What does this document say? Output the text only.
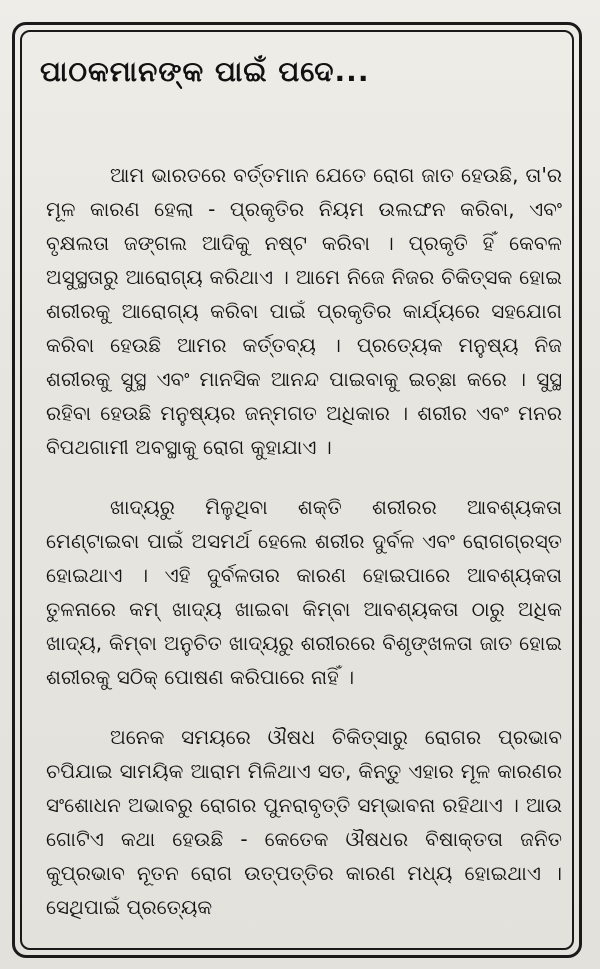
ପାଠକମାନଙ୍କ ପାଇଁ ପଦେ...

ଆମ ଭାରତରେ ବର୍ତ୍ତମାନ ଯେତେ ରୋଗ ଜାତ ହେଉଛି, ତା'ର ମୂଳ କାରଣ ହେଲା - ପ୍ରକୃତିର ନିୟମ ଉଲଙ୍ଘନ କରିବା, ଏବଂ ବୃକ୍ଷଲତା ଜଙ୍ଗଲ ଆଦିକୁ ନଷ୍ଟ କରିବା । ପ୍ରକୃତି ହିଁ କେବଳ ଅସୁସ୍ଥତାରୁ ଆରୋଗ୍ୟ କରିଥାଏ । ଆମେ ନିଜେ ନିଜର ଚିକିତ୍ସକ ହୋଇ ଶରୀରକୁ ଆରୋଗ୍ୟ କରିବା ପାଇଁ ପ୍ରକୃତିର କାର୍ଯ୍ୟରେ ସହଯୋଗ କରିବା ହେଉଛି ଆମର କର୍ତ୍ତବ୍ୟ । ପ୍ରତ୍ୟେକ ମନୁଷ୍ୟ ନିଜ ଶରୀରକୁ ସୁସ୍ଥ ଏବଂ ମାନସିକ ଆନନ୍ଦ ପାଇବାକୁ ଇଚ୍ଛା କରେ । ସୁସ୍ଥ ରହିବା ହେଉଛି ମନୁଷ୍ୟର ଜନ୍ମଗତ ଅଧିକାର । ଶରୀର ଏବଂ ମନର ବିପଥଗାମୀ ଅବସ୍ଥାକୁ ରୋଗ କୁହାଯାଏ ।

ଖାଦ୍ୟରୁ ମିଳୁଥିବା ଶକ୍ତି ଶରୀରର ଆବଶ୍ୟକତା ମେଣ୍ଟାଇବା ପାଇଁ ଅସମର୍ଥ ହେଲେ ଶରୀର ଦୁର୍ବଳ ଏବଂ ରୋଗଗ୍ରସ୍ତ ହୋଇଥାଏ । ଏହି ଦୁର୍ବଳତାର କାରଣ ହୋଇପାରେ ଆବଶ୍ୟକତା ତୁଳନାରେ କମ୍ ଖାଦ୍ୟ ଖାଇବା କିମ୍ବା ଆବଶ୍ୟକତା ଠାରୁ ଅଧିକ ଖାଦ୍ୟ, କିମ୍ବା ଅନୁଚିତ ଖାଦ୍ୟରୁ ଶରୀରରେ ବିଶୃଙ୍ଖଳତା ଜାତ ହୋଇ ଶରୀରକୁ ସଠିକ୍ ପୋଷଣ କରିପାରେ ନାହିଁ ।

ଅନେକ ସମୟରେ ଔଷଧ ଚିକିତ୍ସାରୁ ରୋଗର ପ୍ରଭାବ ଚପିଯାଇ ସାମୟିକ ଆରାମ ମିଳିଥାଏ ସତ, କିନ୍ତୁ ଏହାର ମୂଳ କାରଣର ସଂଶୋଧନ ଅଭାବରୁ ରୋଗର ପୁନରାବୃତ୍ତି ସମ୍ଭାବନା ରହିଥାଏ । ଆଉ ଗୋଟିଏ କଥା ହେଉଛି - କେତେକ ଔଷଧର ବିଷାକ୍ତତା ଜନିତ କୁପ୍ରଭାବ ନୂତନ ରୋଗ ଉତ୍ପତ୍ତିର କାରଣ ମଧ୍ୟ ହୋଇଥାଏ । ସେଥିପାଇଁ ପ୍ରତ୍ୟେକ
